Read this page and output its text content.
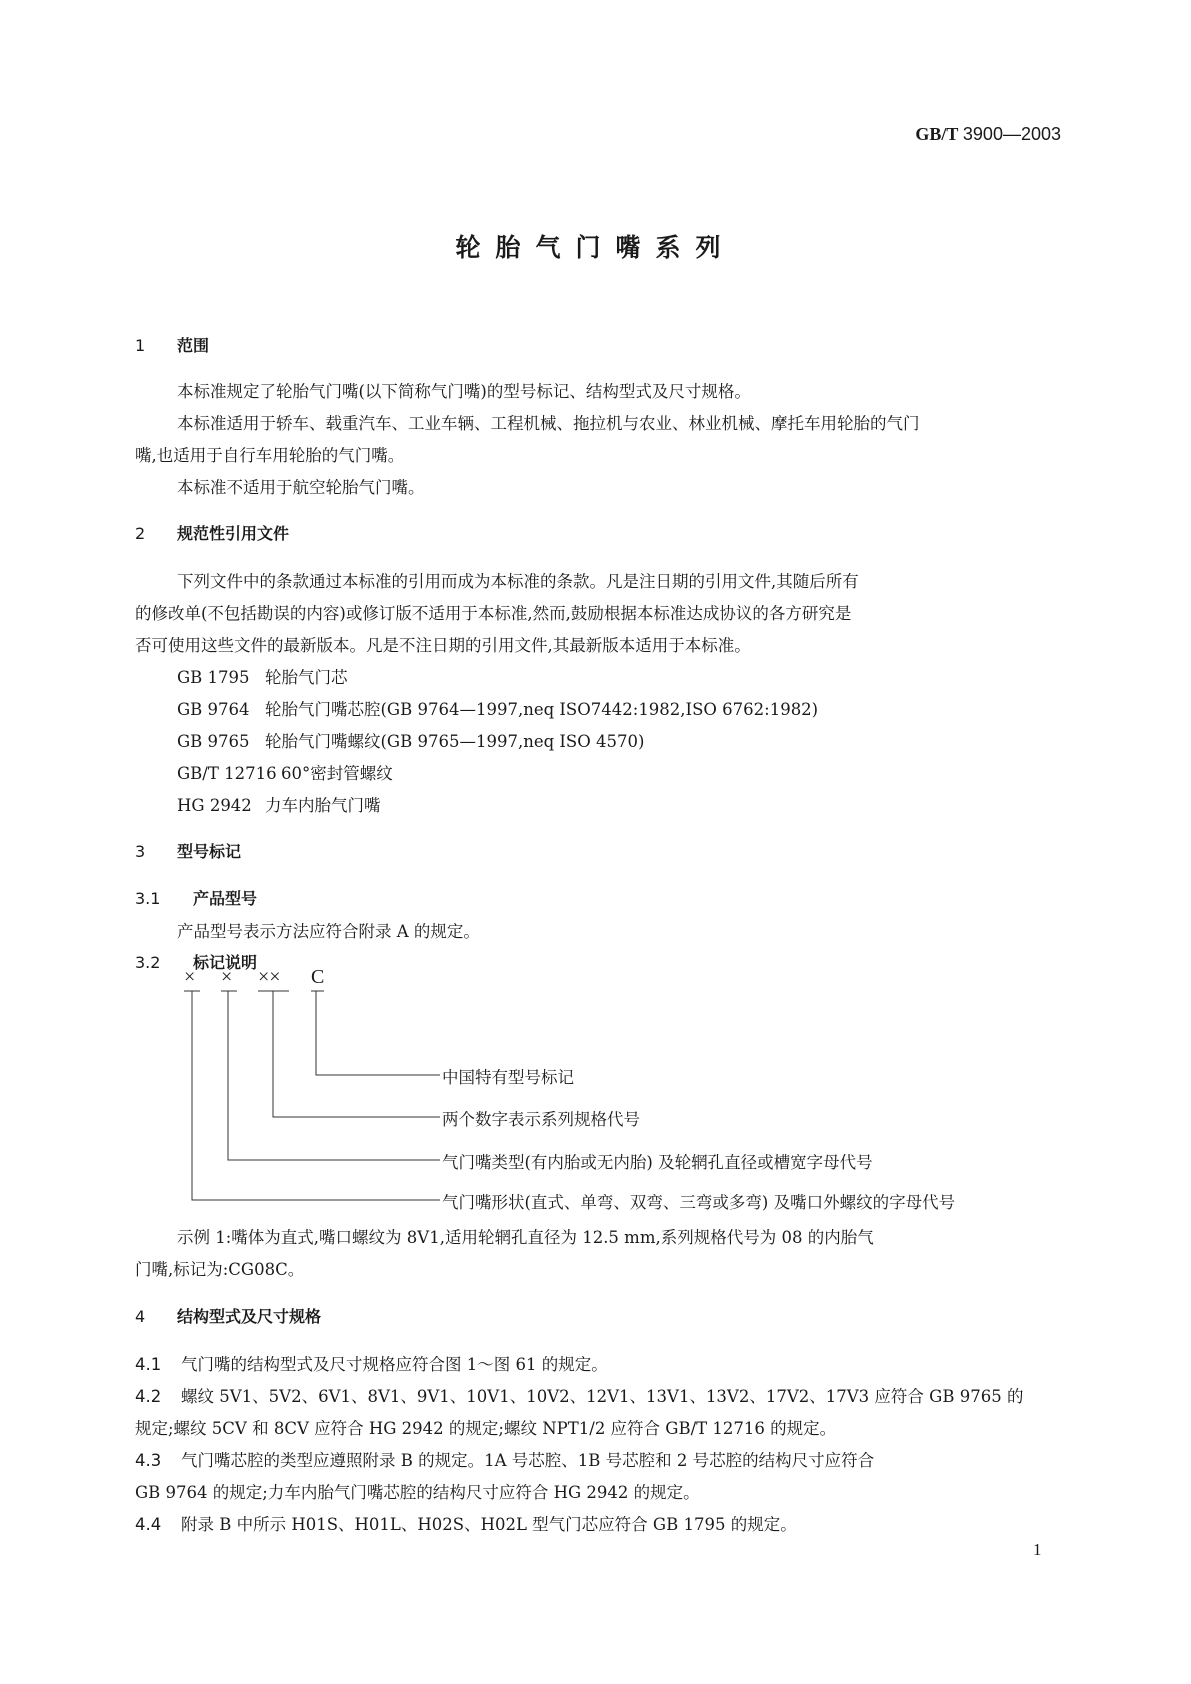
GB/T 3900—2003
轮胎气门嘴系列
1 范围
本标准规定了轮胎气门嘴(以下简称气门嘴)的型号标记、结构型式及尺寸规格。
本标准适用于轿车、载重汽车、工业车辆、工程机械、拖拉机与农业、林业机械、摩托车用轮胎的气门
嘴,也适用于自行车用轮胎的气门嘴。
本标准不适用于航空轮胎气门嘴。
2 规范性引用文件
下列文件中的条款通过本标准的引用而成为本标准的条款。凡是注日期的引用文件,其随后所有
的修改单(不包括勘误的内容)或修订版不适用于本标准,然而,鼓励根据本标准达成协议的各方研究是
否可使用这些文件的最新版本。凡是不注日期的引用文件,其最新版本适用于本标准。
GB 1795 轮胎气门芯
GB 9764 轮胎气门嘴芯腔(GB 9764—1997,neq ISO7442:1982,ISO 6762:1982)
GB 9765 轮胎气门嘴螺纹(GB 9765—1997,neq ISO 4570)
GB/T 12716 60°密封管螺纹
HG 2942 力车内胎气门嘴
3 型号标记
3.1 产品型号
产品型号表示方法应符合附录 A 的规定。
3.2 标记说明
× × ×× C
中国特有型号标记
两个数字表示系列规格代号
气门嘴类型(有内胎或无内胎) 及轮辋孔直径或槽宽字母代号
气门嘴形状(直式、单弯、双弯、三弯或多弯) 及嘴口外螺纹的字母代号
示例 1:嘴体为直式,嘴口螺纹为 8V1,适用轮辋孔直径为 12.5 mm,系列规格代号为 08 的内胎气
门嘴,标记为:CG08C。
4 结构型式及尺寸规格
4.1 气门嘴的结构型式及尺寸规格应符合图 1～图 61 的规定。
4.2 螺纹 5V1、5V2、6V1、8V1、9V1、10V1、10V2、12V1、13V1、13V2、17V2、17V3 应符合 GB 9765 的
规定;螺纹 5CV 和 8CV 应符合 HG 2942 的规定;螺纹 NPT1/2 应符合 GB/T 12716 的规定。
4.3 气门嘴芯腔的类型应遵照附录 B 的规定。1A 号芯腔、1B 号芯腔和 2 号芯腔的结构尺寸应符合
GB 9764 的规定;力车内胎气门嘴芯腔的结构尺寸应符合 HG 2942 的规定。
4.4 附录 B 中所示 H01S、H01L、H02S、H02L 型气门芯应符合 GB 1795 的规定。
1
